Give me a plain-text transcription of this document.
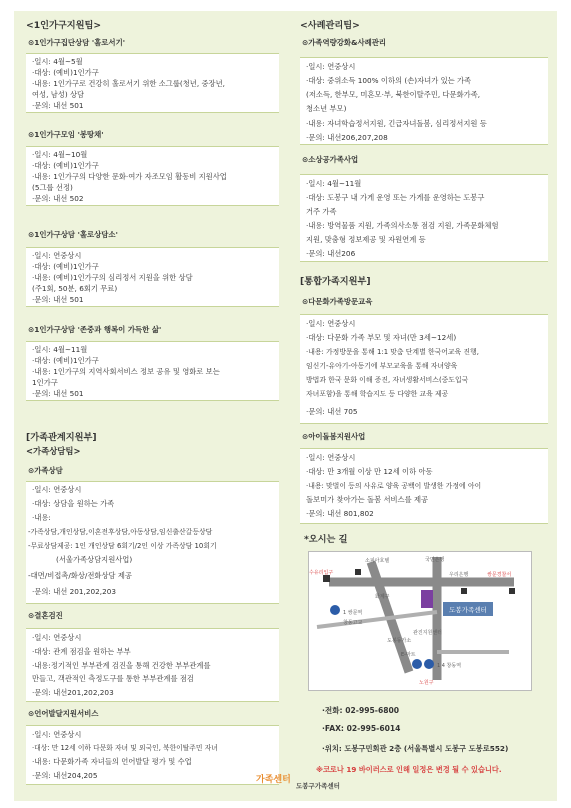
<1인가구지원팀>
⊙1인가구집단상담 '홀로서기'
·일시: 4월~5월
·대상: (예비)1인가구
·내용: 1인가구로 건강히 홀로서기 위한 소그룹(청년, 중장년,
여성, 남성) 상담
·문의: 내선 501
⊙1인가구모임 '봉땅채'
·일시: 4월~10월
·대상: (예비)1인가구
·내용: 1인가구의 다양한 문화·여가 자조모임 활동비 지원사업
(5그룹 선정)
·문의: 내선 502
⊙1인가구상담 '홀로상담소'
·일시: 연중상시
·대상: (예비)1인가구
·내용: (예비)1인가구의 심리정서 지원을 위한 상담
(주1회, 50분, 6회기 무료)
·문의: 내선 501
⊙1인가구상담 '존중과 행복이 가득한 삶'
·일시: 4월~11월
·대상: (예비)1인가구
·내용: 1인가구의 지역사회서비스 정보 공유 및 영화로 보는
1인가구
·문의: 내선 501
[가족관계지원부]
<가족상담팀>
⊙가족상담
·일시: 연중상시
·대상: 상담을 원하는 가족
·내용:
-가족상담,개인상담,이혼전후상담,아동상담,임신출산갈등상담
-무료상담제공: 1인 개인상담 6회기/2인 이상 가족상담 10회기
(서울가족상담지원사업)
-대면/비접촉/화상/전화상담 제공
·문의: 내선 201,202,203
⊙결혼검진
·일시: 연중상시
·대상: 관계 점검을 원하는 부부
·내용:정기적인 부부관계 검진을 통해 건강한 부부관계를
만들고, 객관적인 측정도구를 통한 부부관계를 점검
·문의: 내선201,202,203
⊙언어발달지원서비스
·일시: 연중상시
·대상: 만 12세 이하 다문화 자녀 및 외국인, 북한이탈주민 자녀
·내용: 다문화가족 자녀들의 언어발달 평가 및 수업
·문의: 내선204,205
<사례관리팀>
⊙가족역량강화&사례관리
·일시: 연중상시
·대상: 중위소득 100% 이하의 (손)자녀가 있는 가족
(저소득, 한부모, 미혼모·부, 북한이탈주민, 다문화가족,
청소년 부모)
·내용: 자녀학습정서지원, 긴급자녀돌봄, 심리정서지원 등
·문의: 내선206,207,208
⊙소상공가족사업
·일시: 4월~11월
·대상: 도봉구 내 가게 운영 또는 가게를 운영하는 도봉구
거주 가족
·내용: 방역물품 지원, 가족의사소통 점검 지원, 가족문화체험
지원, 맞춤형 정보제공 및 자원연계 등
·문의: 내선206
[통합가족지원부]
⊙다문화가족방문교육
·일시: 연중상시
·대상: 다문화 가족 부모 및 자녀(만 3세~12세)
·내용: 가정방문을 통해 1:1 맞춤 단계별 한국어교육 진행,
임신기-유아기-아동기에 부모교육을 통해 자녀양육
방법과 한국 문화 이해 증진, 자녀생활서비스(중도입국
자녀포함)을 통해 학습지도 등 다양한 교육 제공
·문의: 내선 705
⊙아이돌봄지원사업
·일시: 연중상시
·대상: 만 3개월 이상 만 12세 이하 아동
·내용: 맞벌이 등의 사유로 양육 공백이 발생한 가정에 아이
돌보미가 찾아가는 돌봄 서비스를 제공
·문의: 내선 801,802
*오시는 길
도봉가족센터
소피아호텔	국민은행
수유리입구	우리은행	쌍문경찰서
화계구
1 쌍문역
창동고교
관진지원센터
도봉동가소
E-마트
1 4 창동역
노원구
·전화: 02-995-6800
·FAX: 02-995-6014
·위치: 도봉구민회관 2층 (서울특별시 도봉구 도봉로552)
※코로나 19 바이러스로 인해 일정은 변경 될 수 있습니다.
가족센터
도봉구가족센터
